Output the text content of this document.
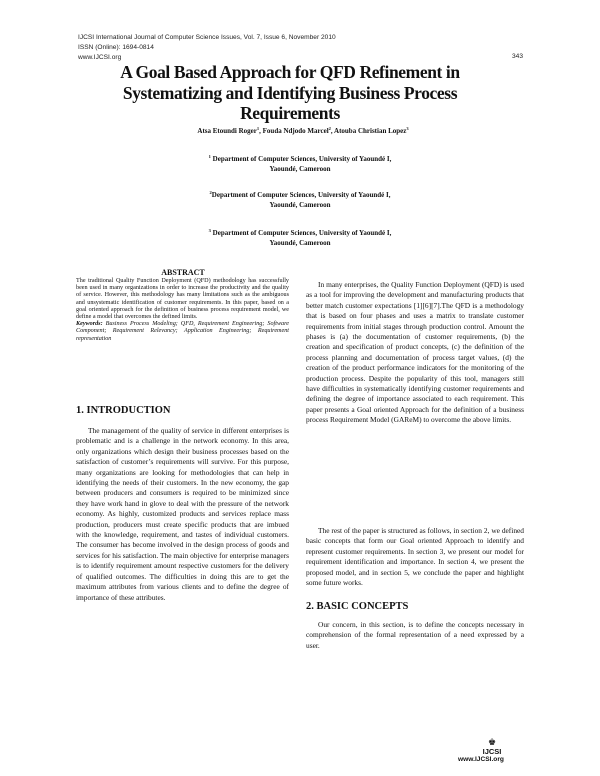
IJCSI International Journal of Computer Science Issues, Vol. 7, Issue 6, November 2010
ISSN (Online): 1694-0814
www.IJCSI.org	343
A Goal Based Approach for QFD Refinement in Systematizing and Identifying Business Process Requirements
Atsa Etoundi Roger$^1$, Fouda Ndjodo Marcel$^2$, Atouba Christian Lopez$^3$
$^1$ Department of Computer Sciences, University of Yaoundé I,
Yaoundé, Cameroon
$^2$Department of Computer Sciences, University of Yaoundé I,
Yaoundé, Cameroon
$^3$ Department of Computer Sciences, University of Yaoundé I,
Yaoundé, Cameroon
ABSTRACT
The traditional Quality Function Deployment (QFD) methodology has successfully been used in many organizations in order to increase the productivity and the quality of service. However, this methodology has many limitations such as the ambiguous and unsystematic identification of customer requirements. In this paper, based on a goal oriented approach for the definition of business process requirement model, we define a model that overcomes the defined limits.
Keywords: Business Process Modeling; QFD, Requirement Engineering; Software Component; Requirement Relevancy; Application Engineering; Requirement representation
1. INTRODUCTION

The management of the quality of service in different enterprises is problematic and is a challenge in the network economy. In this area, only organizations which design their business processes based on the satisfaction of customer’s requirements will survive. For this purpose, many organizations are looking for methodologies that can help in identifying the needs of their customers. In the new economy, the gap between producers and consumers is required to be minimized since they have work hand in glove to deal with the pressure of the network economy. As highly, customized products and services replace mass production, producers must create specific products that are imbued with the knowledge, requirement, and tastes of individual customers. The consumer has become involved in the design process of goods and services for his satisfaction. The main objective for enterprise managers is to identify requirement amount respective customers for the delivery of qualified outcomes. The difficulties in doing this are to get the maximum attributes from various clients and to define the degree of importance of these attributes.

In many enterprises, the Quality Function Deployment (QFD) is used as a tool for improving the development and manufacturing products that better match customer expectations [1][6][7].The QFD is a methodology that is based on four phases and uses a matrix to translate customer requirements from initial stages through production control. Amount the phases is (a) the documentation of customer requirements, (b) the creation and specification of product concepts, (c) the definition of the process planning and documentation of process target values, (d) the creation of the product performance indicators for the monitoring of the production process. Despite the popularity of this tool, managers still have difficulties in systematically identifying customer requirements and defining the degree of importance associated to each requirement. This paper presents a Goal oriented Approach for the definition of a business process Requirement Model (GAReM) to overcome the above limits.

The rest of the paper is structured as follows, in section 2, we defined basic concepts that form our Goal oriented Approach to identify and represent customer requirements. In section 3, we present our model for requirement identification and importance. In section 4, we present the proposed model, and in section 5, we conclude the paper and highlight some future works.

2. BASIC CONCEPTS

Our concern, in this section, is to define the concepts necessary in comprehension of the formal representation of a need expressed by a user.

♚
IJCSI
www.IJCSI.org
